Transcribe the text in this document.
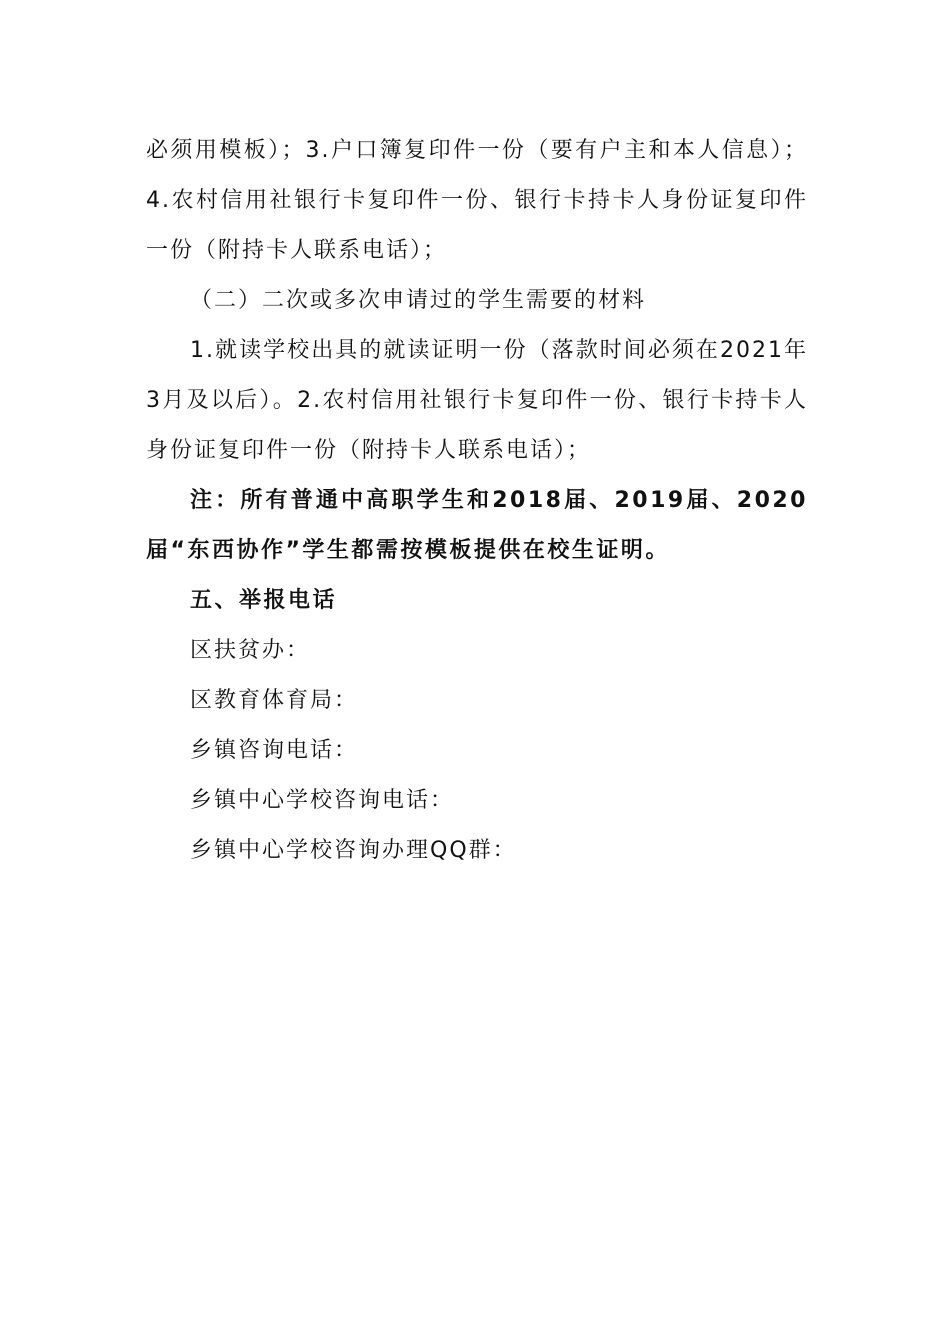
必须用模板）；3.户口簿复印件一份（要有户主和本人信息）；4.农村信用社银行卡复印件一份、银行卡持卡人身份证复印件一份（附持卡人联系电话）；

（二）二次或多次申请过的学生需要的材料

1.就读学校出具的就读证明一份（落款时间必须在2021年3月及以后）。2.农村信用社银行卡复印件一份、银行卡持卡人身份证复印件一份（附持卡人联系电话）；

注：所有普通中高职学生和2018届、2019届、2020届“东西协作”学生都需按模板提供在校生证明。

五、举报电话

区扶贫办：

区教育体育局：

乡镇咨询电话：

乡镇中心学校咨询电话：

乡镇中心学校咨询办理QQ群：
